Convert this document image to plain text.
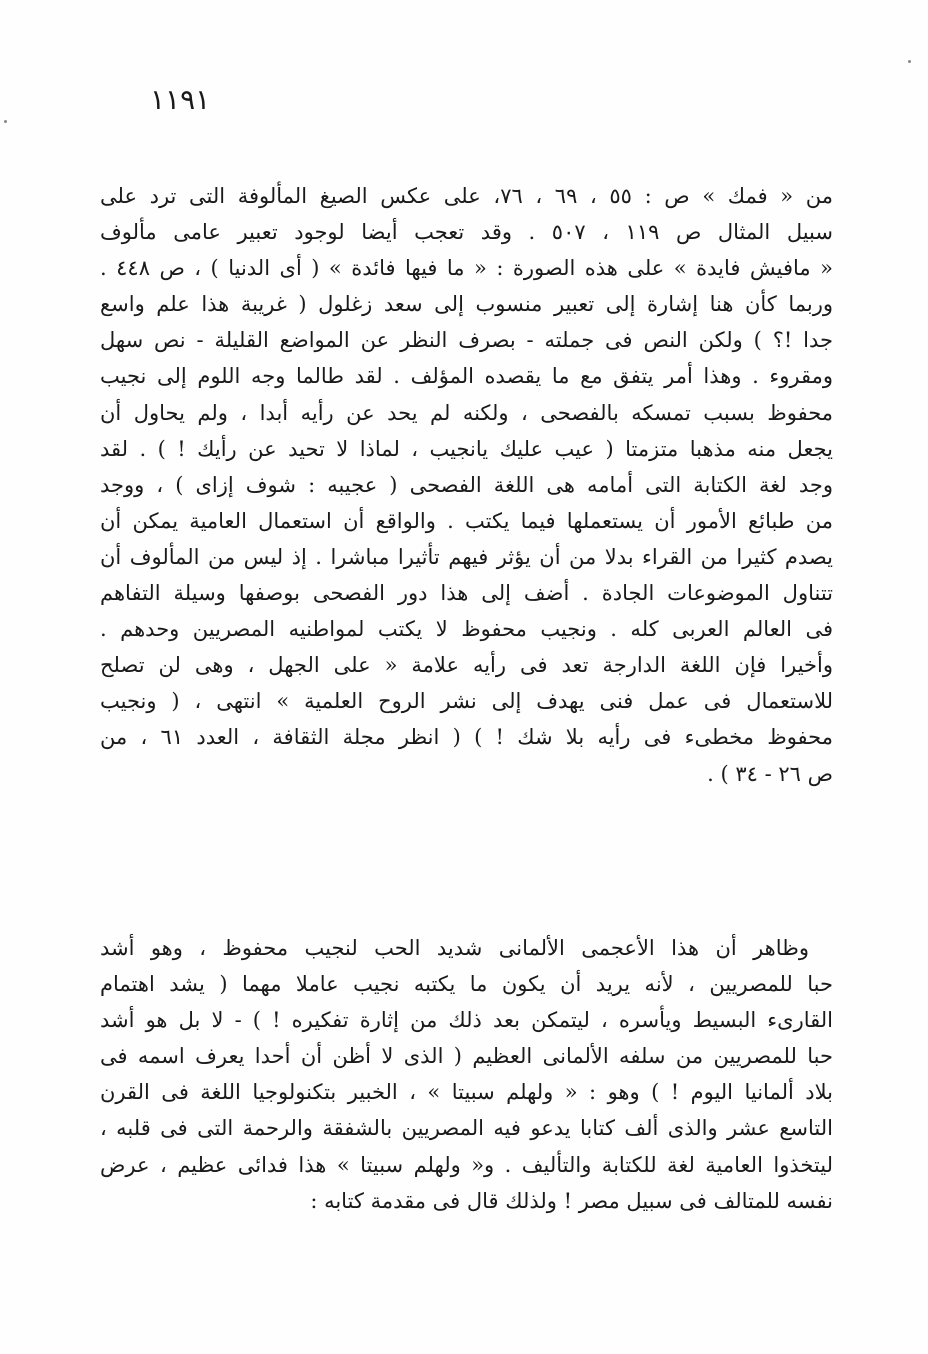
١١٩١
من « فمك » ص : ٥٥ ، ٦٩ ، ٧٦، على عكس الصيغ المألوفة التى ترد على
سبيل المثال ص ١١٩ ، ٥٠٧ . وقد تعجب أيضا لوجود تعبير عامى مألوف
« مافيش فايدة » على هذه الصورة : « ما فيها فائدة » ( أى الدنيا ) ، ص ٤٤٨ .
وربما كأن هنا إشارة إلى تعبير منسوب إلى سعد زغلول ( غريبة هذا علم واسع
جدا !؟ ) ولكن النص فى جملته - بصرف النظر عن المواضع القليلة - نص سهل
ومقروء . وهذا أمر يتفق مع ما يقصده المؤلف . لقد طالما وجه اللوم إلى نجيب
محفوظ بسبب تمسكه بالفصحى ، ولكنه لم يحد عن رأيه أبدا ، ولم يحاول أن
يجعل منه مذهبا متزمتا ( عيب عليك يانجيب ، لماذا لا تحيد عن رأيك ! ) . لقد
وجد لغة الكتابة التى أمامه هى اللغة الفصحى ( عجيبه : شوف إزاى ) ، ووجد
من طبائع الأمور أن يستعملها فيما يكتب . والواقع أن استعمال العامية يمكن أن
يصدم كثيرا من القراء بدلا من أن يؤثر فيهم تأثيرا مباشرا . إذ ليس من المألوف أن
تتناول الموضوعات الجادة . أضف إلى هذا دور الفصحى بوصفها وسيلة التفاهم
فى العالم العربى كله . ونجيب محفوظ لا يكتب لمواطنيه المصريين وحدهم .
وأخيرا فإن اللغة الدارجة تعد فى رأيه علامة « على الجهل ، وهى لن تصلح
للاستعمال فى عمل فنى يهدف إلى نشر الروح العلمية » انتهى ، ( ونجيب
محفوظ مخطىء فى رأيه بلا شك ! ) ( انظر مجلة الثقافة ، العدد ٦١ ، من
ص ٢٦ - ٣٤ ) .
وظاهر أن هذا الأعجمى الألمانى شديد الحب لنجيب محفوظ ، وهو أشد
حبا للمصريين ، لأنه يريد أن يكون ما يكتبه نجيب عاملا مهما ( يشد اهتمام
القارىء البسيط ويأسره ، ليتمكن بعد ذلك من إثارة تفكيره ! ) - لا بل هو أشد
حبا للمصريين من سلفه الألمانى العظيم ( الذى لا أظن أن أحدا يعرف اسمه فى
بلاد ألمانيا اليوم ! ) وهو : « ولهلم سبيتا » ، الخبير بتكنولوجيا اللغة فى القرن
التاسع عشر والذى ألف كتابا يدعو فيه المصريين بالشفقة والرحمة التى فى قلبه ،
ليتخذوا العامية لغة للكتابة والتأليف . و« ولهلم سبيتا » هذا فدائى عظيم ، عرض
نفسه للمتالف فى سبيل مصر ! ولذلك قال فى مقدمة كتابه :
